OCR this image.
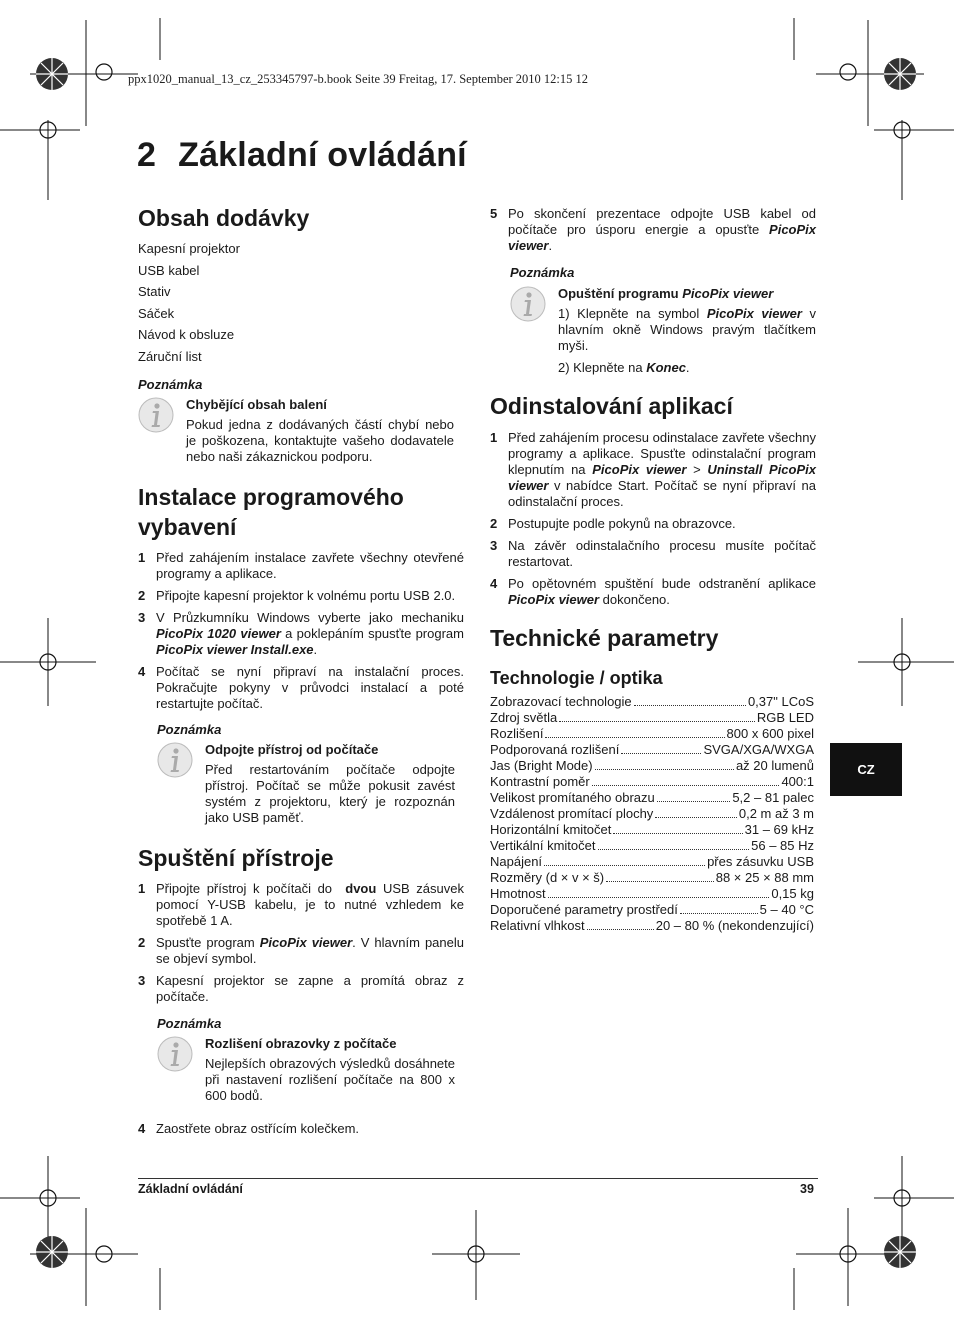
ppx1020_manual_13_cz_253345797-b.book Seite 39 Freitag, 17. September 2010 12:15 12
2 Základní ovládání
Obsah dodávky
Kapesní projektor
USB kabel
Stativ
Sáček
Návod k obsluze
Záruční list
Poznámka
Chybějící obsah balení
Pokud jedna z dodávaných částí chybí nebo je poškozena, kontaktujte vašeho dodavatele nebo naši zákaznickou podporu.
Instalace programového
vybavení
1 Před zahájením instalace zavřete všechny otevřené programy a aplikace.
2 Připojte kapesní projektor k volnému portu USB 2.0.
3 V Průzkumníku Windows vyberte jako mechaniku PicoPix 1020 viewer a poklepáním spusťte program PicoPix viewer Install.exe.
4 Počítač se nyní připraví na instalační proces. Pokračujte pokyny v průvodci instalací a poté restartujte počítač.
Poznámka
Odpojte přístroj od počítače
Před restartováním počítače odpojte přístroj. Počítač se může pokusit zavést systém z projektoru, který je rozpoznán jako USB paměť.
Spuštění přístroje
1 Připojte přístroj k počítači do  dvou USB zásuvek pomocí Y-USB kabelu, je to nutné vzhledem ke spotřebě 1 A.
2 Spusťte program PicoPix viewer. V hlavním panelu se objeví symbol.
3 Kapesní projektor se zapne a promítá obraz z počítače.
Poznámka
Rozlišení obrazovky z počítače
Nejlepších obrazových výsledků dosáhnete při nastavení rozlišení počítače na 800 x 600 bodů.
4 Zaostřete obraz ostřícím kolečkem.
5 Po skončení prezentace odpojte USB kabel od počítače pro úsporu energie a opusťte PicoPix viewer.
Poznámka
Opuštění programu PicoPix viewer
1) Klepněte na symbol PicoPix viewer v hlavním okně Windows pravým tlačítkem myši.
2) Klepněte na Konec.
Odinstalování aplikací
1 Před zahájením procesu odinstalace zavřete všechny programy a aplikace. Spusťte odinstalační program klepnutím na PicoPix viewer > Uninstall PicoPix viewer v nabídce Start. Počítač se nyní připraví na odinstalační proces.
2 Postupujte podle pokynů na obrazovce.
3 Na závěr odinstalačního procesu musíte počítač restartovat.
4 Po opětovném spuštění bude odstranění aplikace PicoPix viewer dokončeno.
Technické parametry
Technologie / optika
Zobrazovací technologie	0,37" LCoS
Zdroj světla	RGB LED
Rozlišení	800 x 600 pixel
Podporovaná rozlišení	SVGA/XGA/WXGA
Jas (Bright Mode)	až 20 lumenů
Kontrastní poměr	400:1
Velikost promítaného obrazu	5,2 – 81 palec
Vzdálenost promítací plochy	0,2 m až 3 m
Horizontální kmitočet	31 – 69 kHz
Vertikální kmitočet	56 – 85 Hz
Napájení	přes zásuvku USB
Rozměry (d × v × š)	88 × 25 × 88 mm
Hmotnost	0,15 kg
Doporučené parametry prostředí	5 – 40 °C
Relativní vlhkost	20 – 80 % (nekondenzující)
CZ
Základní ovládání	39
